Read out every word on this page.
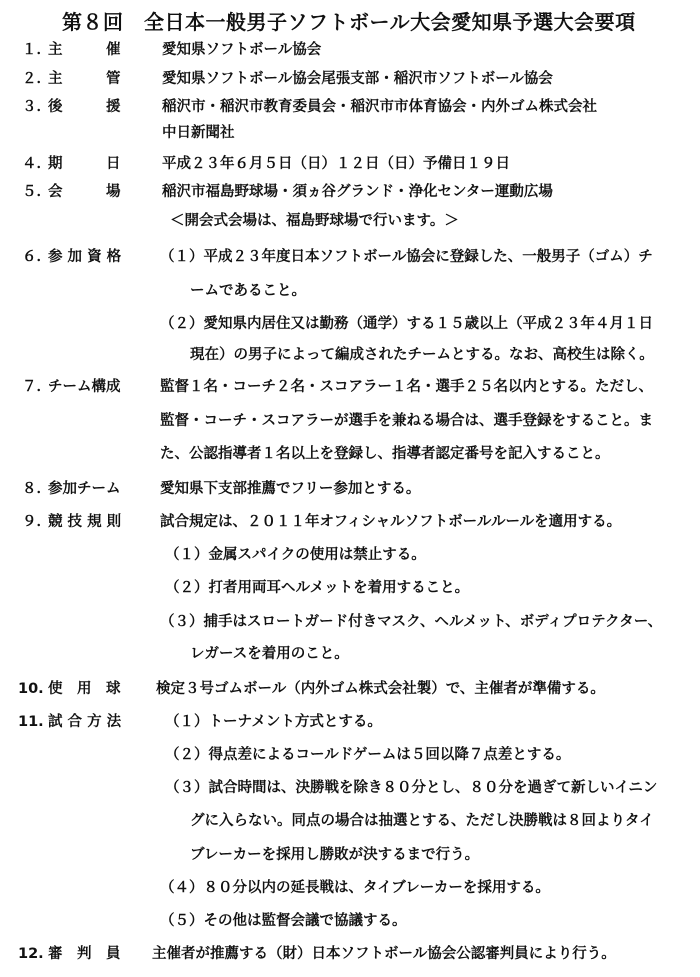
第８回　全日本一般男子ソフトボール大会愛知県予選大会要項
１．
主　　　催	愛知県ソフトボール協会
２．
主　　　管	愛知県ソフトボール協会尾張支部・稲沢市ソフトボール協会
３．
後　　　援	稲沢市・稲沢市教育委員会・稲沢市市体育協会・内外ゴム株式会社
中日新聞社
４．
期　　　日	平成２３年６月５日（日）１２日（日）予備日１９日
５．
会　　　場	稲沢市福島野球場・須ヵ谷グランド・浄化センター運動広場
＜開会式会場は、福島野球場で行います。＞
６．
参 加 資 格	（１）平成２３年度日本ソフトボール協会に登録した、一般男子（ゴム）チ
ームであること。
（２）愛知県内居住又は勤務（通学）する１５歳以上（平成２３年４月１日
現在）の男子によって編成されたチームとする。なお、高校生は除く。
７．
チーム構成	監督１名・コーチ２名・スコアラー１名・選手２５名以内とする。ただし、
監督・コーチ・スコアラーが選手を兼ねる場合は、選手登録をすること。ま
た、公認指導者１名以上を登録し、指導者認定番号を記入すること。
８．
参加チーム	愛知県下支部推薦でフリー参加とする。
９．
競 技 規 則	試合規定は、２０１１年オフィシャルソフトボールルールを適用する。
（１）金属スパイクの使用は禁止する。
（２）打者用両耳ヘルメットを着用すること。
（３）捕手はスロートガード付きマスク、ヘルメット、ボディプロテクター、
レガースを着用のこと。
10. 使　用　球 検定３号ゴムボール（内外ゴム株式会社製）で、主催者が準備する。
11. 試 合 方 法	（１）トーナメント方式とする。
（２）得点差によるコールドゲームは５回以降７点差とする。
（３）試合時間は、決勝戦を除き８０分とし、８０分を過ぎて新しいイニン
グに入らない。同点の場合は抽選とする、ただし決勝戦は８回よりタイ
ブレーカーを採用し勝敗が決するまで行う。
（４）８０分以内の延長戦は、タイブレーカーを採用する。
（５）その他は監督会議で協議する。
12. 審　判　員 主催者が推薦する（財）日本ソフトボール協会公認審判員により行う。
